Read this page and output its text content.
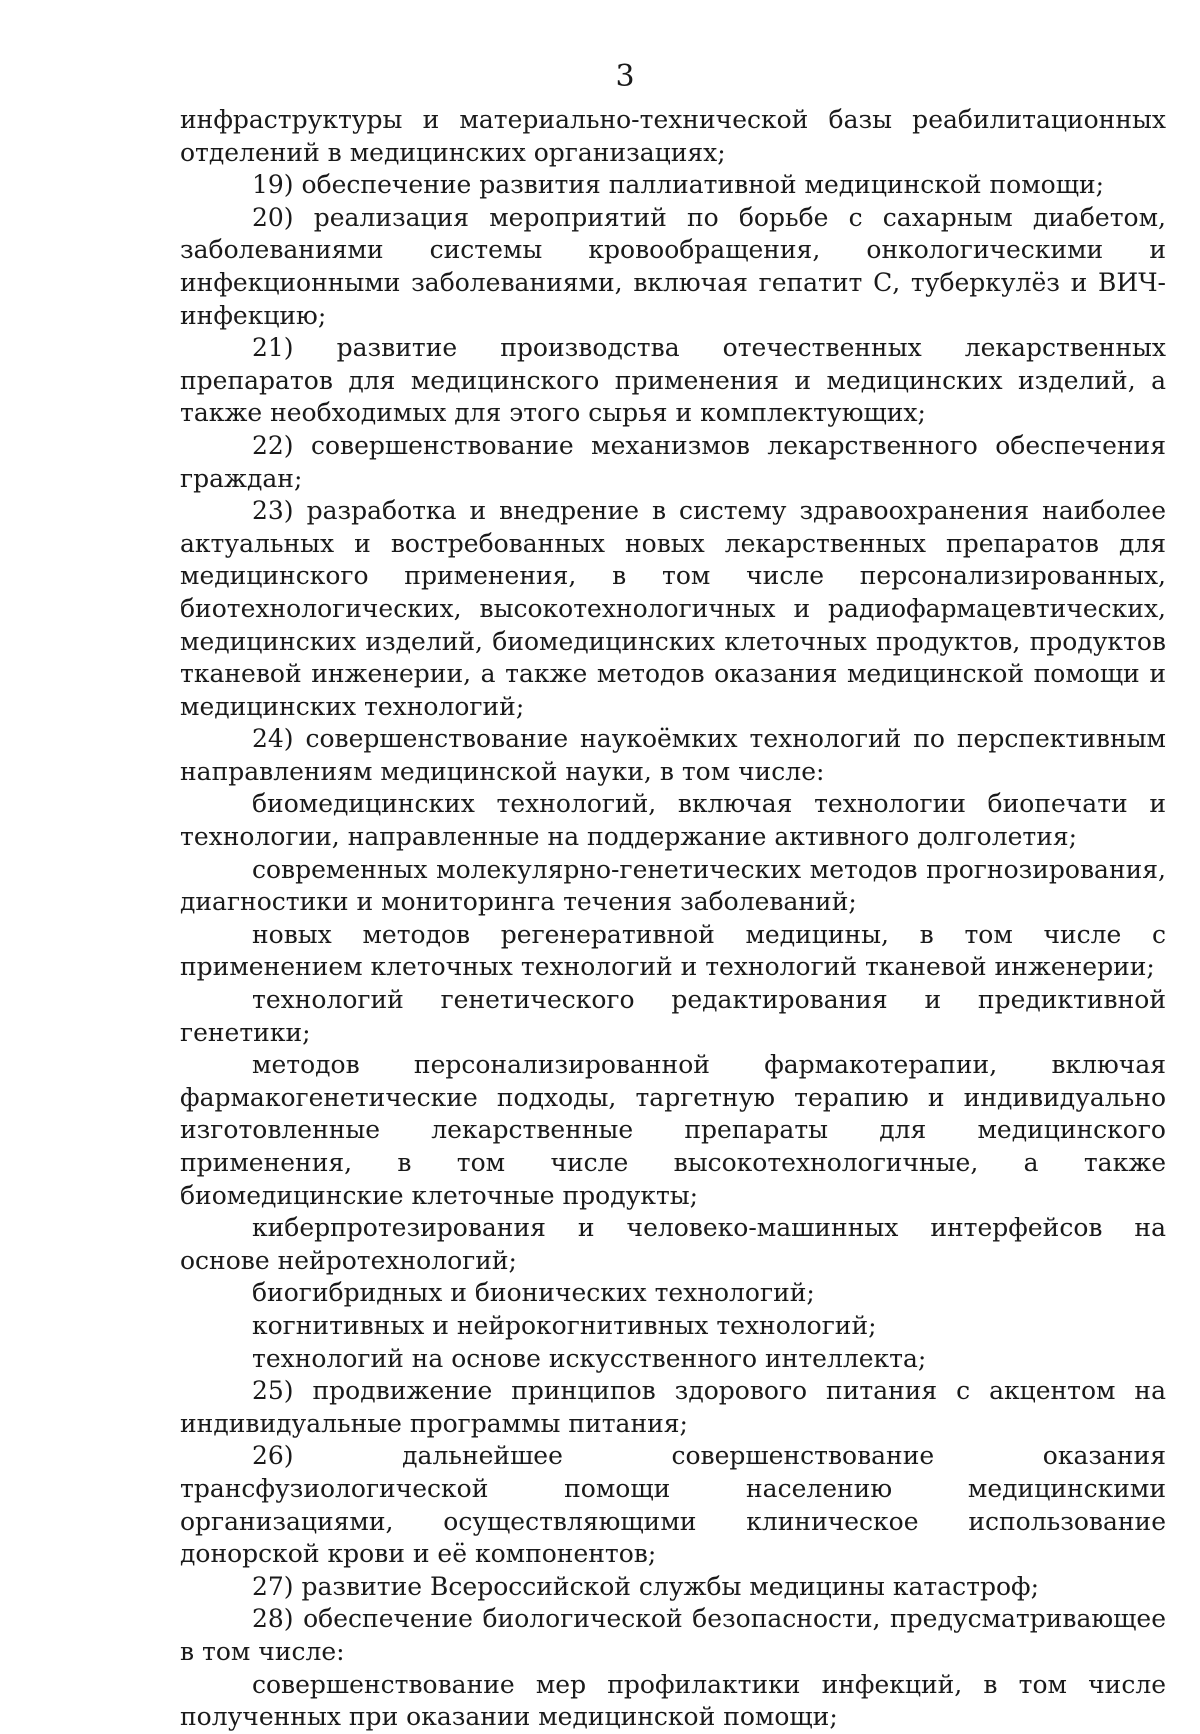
3

инфраструктуры и материально-технической базы реабилитационных отделений в медицинских организациях;

19) обеспечение развития паллиативной медицинской помощи;

20) реализация мероприятий по борьбе с сахарным диабетом, заболеваниями системы кровообращения, онкологическими и инфекционными заболеваниями, включая гепатит С, туберкулёз и ВИЧ-инфекцию;

21) развитие производства отечественных лекарственных препаратов для медицинского применения и медицинских изделий, а также необходимых для этого сырья и комплектующих;

22) совершенствование механизмов лекарственного обеспечения граждан;

23) разработка и внедрение в систему здравоохранения наиболее актуальных и востребованных новых лекарственных препаратов для медицинского применения, в том числе персонализированных, биотехнологических, высокотехнологичных и радиофармацевтических, медицинских изделий, биомедицинских клеточных продуктов, продуктов тканевой инженерии, а также методов оказания медицинской помощи и медицинских технологий;

24) совершенствование наукоёмких технологий по перспективным направлениям медицинской науки, в том числе:

биомедицинских технологий, включая технологии биопечати и технологии, направленные на поддержание активного долголетия;

современных молекулярно-генетических методов прогнозирования, диагностики и мониторинга течения заболеваний;

новых методов регенеративной медицины, в том числе с применением клеточных технологий и технологий тканевой инженерии;

технологий генетического редактирования и предиктивной генетики;

методов персонализированной фармакотерапии, включая фармакогенетические подходы, таргетную терапию и индивидуально изготовленные лекарственные препараты для медицинского применения, в том числе высокотехнологичные, а также биомедицинские клеточные продукты;

киберпротезирования и человеко-машинных интерфейсов на основе нейротехнологий;

биогибридных и бионических технологий;

когнитивных и нейрокогнитивных технологий;

технологий на основе искусственного интеллекта;

25) продвижение принципов здорового питания с акцентом на индивидуальные программы питания;

26) дальнейшее совершенствование оказания трансфузиологической помощи населению медицинскими организациями, осуществляющими клиническое использование донорской крови и её компонентов;

27) развитие Всероссийской службы медицины катастроф;

28) обеспечение биологической безопасности, предусматривающее в том числе:

совершенствование мер профилактики инфекций, в том числе полученных при оказании медицинской помощи;
